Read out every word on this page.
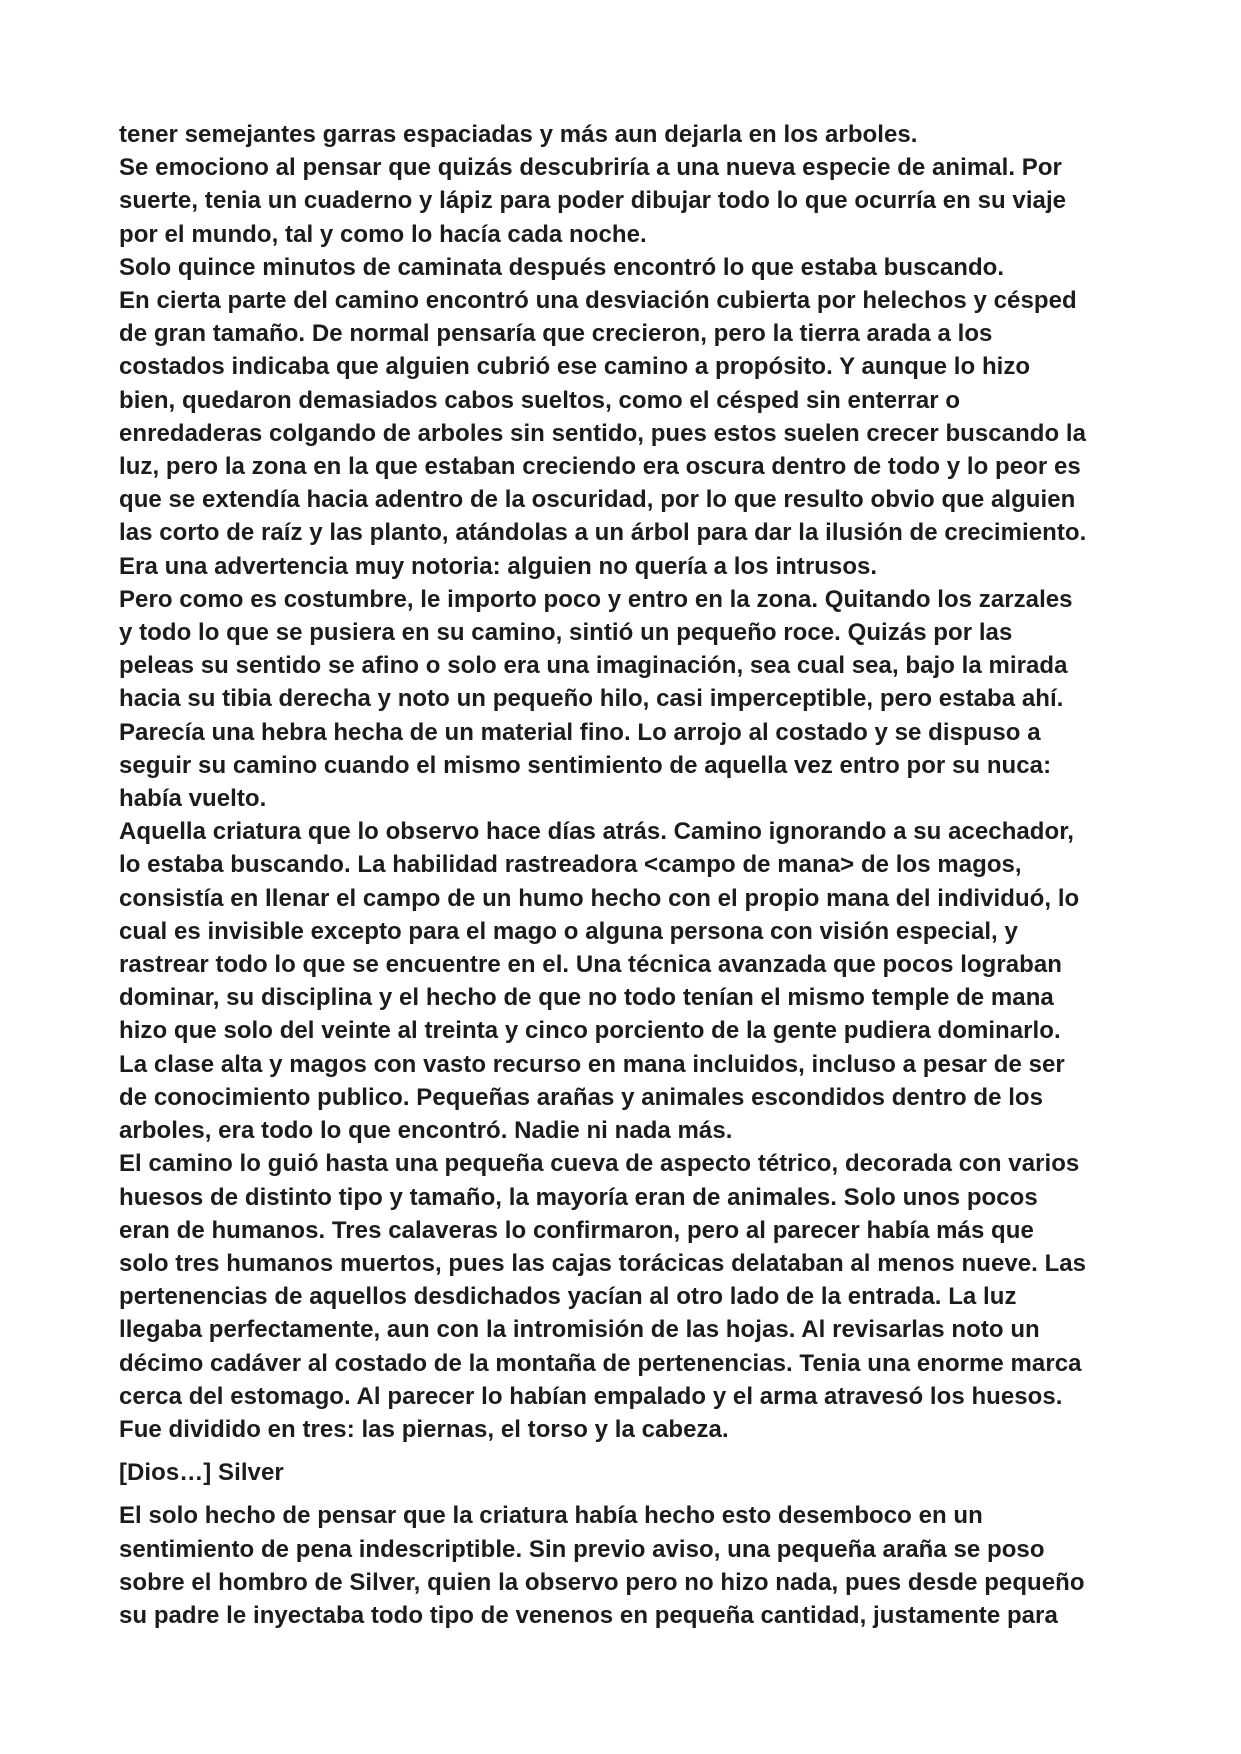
tener semejantes garras espaciadas y más aun dejarla en los arboles.

Se emociono al pensar que quizás descubriría a una nueva especie de animal. Por
suerte, tenia un cuaderno y lápiz para poder dibujar todo lo que ocurría en su viaje
por el mundo, tal y como lo hacía cada noche.

Solo quince minutos de caminata después encontró lo que estaba buscando.

En cierta parte del camino encontró una desviación cubierta por helechos y césped
de gran tamaño. De normal pensaría que crecieron, pero la tierra arada a los
costados indicaba que alguien cubrió ese camino a propósito. Y aunque lo hizo
bien, quedaron demasiados cabos sueltos, como el césped sin enterrar o
enredaderas colgando de arboles sin sentido, pues estos suelen crecer buscando la
luz, pero la zona en la que estaban creciendo era oscura dentro de todo y lo peor es
que se extendía hacia adentro de la oscuridad, por lo que resulto obvio que alguien
las corto de raíz y las planto, atándolas a un árbol para dar la ilusión de crecimiento.

Era una advertencia muy notoria: alguien no quería a los intrusos.

Pero como es costumbre, le importo poco y entro en la zona. Quitando los zarzales
y todo lo que se pusiera en su camino, sintió un pequeño roce. Quizás por las
peleas su sentido se afino o solo era una imaginación, sea cual sea, bajo la mirada
hacia su tibia derecha y noto un pequeño hilo, casi imperceptible, pero estaba ahí.
Parecía una hebra hecha de un material fino. Lo arrojo al costado y se dispuso a
seguir su camino cuando el mismo sentimiento de aquella vez entro por su nuca:
había vuelto.

Aquella criatura que lo observo hace días atrás. Camino ignorando a su acechador,
lo estaba buscando. La habilidad rastreadora <campo de mana> de los magos,
consistía en llenar el campo de un humo hecho con el propio mana del individuó, lo
cual es invisible excepto para el mago o alguna persona con visión especial, y
rastrear todo lo que se encuentre en el. Una técnica avanzada que pocos lograban
dominar, su disciplina y el hecho de que no todo tenían el mismo temple de mana
hizo que solo del veinte al treinta y cinco porciento de la gente pudiera dominarlo.
La clase alta y magos con vasto recurso en mana incluidos, incluso a pesar de ser
de conocimiento publico. Pequeñas arañas y animales escondidos dentro de los
arboles, era todo lo que encontró. Nadie ni nada más.

El camino lo guió hasta una pequeña cueva de aspecto tétrico, decorada con varios
huesos de distinto tipo y tamaño, la mayoría eran de animales. Solo unos pocos
eran de humanos. Tres calaveras lo confirmaron, pero al parecer había más que
solo tres humanos muertos, pues las cajas torácicas delataban al menos nueve. Las
pertenencias de aquellos desdichados yacían al otro lado de la entrada. La luz
llegaba perfectamente, aun con la intromisión de las hojas. Al revisarlas noto un
décimo cadáver al costado de la montaña de pertenencias. Tenia una enorme marca
cerca del estomago. Al parecer lo habían empalado y el arma atravesó los huesos.
Fue dividido en tres: las piernas, el torso y la cabeza.

[Dios…] Silver

El solo hecho de pensar que la criatura había hecho esto desemboco en un
sentimiento de pena indescriptible. Sin previo aviso, una pequeña araña se poso
sobre el hombro de Silver, quien la observo pero no hizo nada, pues desde pequeño
su padre le inyectaba todo tipo de venenos en pequeña cantidad, justamente para
